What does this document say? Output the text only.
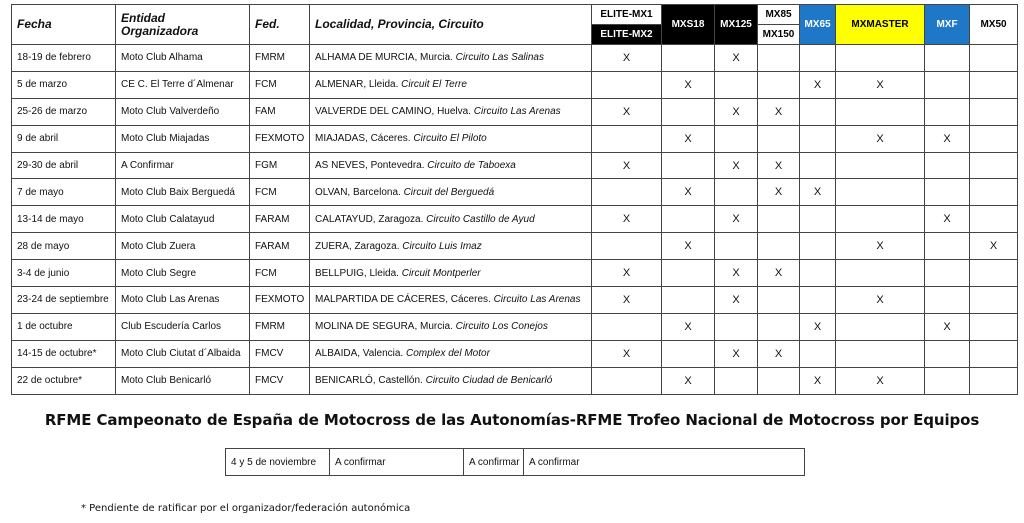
Fecha	Entidad Organizadora	Fed.	Localidad, Provincia, Circuito	ELITE-MX1
ELITE-MX2	MXS18	MX125	MX85
MX150	MX65	MXMASTER	MXF	MX50
18-19 de febrero	Moto Club Alhama	FMRM	ALHAMA DE MURCIA, Murcia. Circuito Las Salinas	X		X					
5 de marzo	CE C. El Terre d´Almenar	FCM	ALMENAR, Lleida. Circuit El Terre		X			X	X		
25-26 de marzo	Moto Club Valverdeño	FAM	VALVERDE DEL CAMINO, Huelva. Circuito Las Arenas	X		X	X				
9 de abril	Moto Club Miajadas	FEXMOTO	MIAJADAS, Cáceres. Circuito El Piloto		X				X	X	
29-30 de abril	A Confirmar	FGM	AS NEVES, Pontevedra. Circuito de Taboexa	X		X	X				
7 de mayo	Moto Club Baix Berguedá	FCM	OLVAN, Barcelona. Circuit del Berguedá		X		X	X			
13-14 de mayo	Moto Club Calatayud	FARAM	CALATAYUD, Zaragoza. Circuito Castillo de Ayud	X		X				X	
28 de mayo	Moto Club Zuera	FARAM	ZUERA, Zaragoza. Circuito Luis Imaz		X				X		X
3-4 de junio	Moto Club Segre	FCM	BELLPUIG, Lleida. Circuit Montperler	X		X	X				
23-24 de septiembre	Moto Club Las Arenas	FEXMOTO	MALPARTIDA DE CÁCERES, Cáceres. Circuito Las Arenas	X		X			X		
1 de octubre	Club Escudería Carlos	FMRM	MOLINA DE SEGURA, Murcia. Circuito Los Conejos		X			X		X	
14-15 de octubre*	Moto Club Ciutat d´Albaida	FMCV	ALBAIDA, Valencia. Complex del Motor	X		X	X				
22 de octubre*	Moto Club Benicarló	FMCV	BENICARLÓ, Castellón. Circuito Ciudad de Benicarló		X			X	X		
RFME Campeonato de España de Motocross de las Autonomías-RFME Trofeo Nacional de Motocross por Equipos
4 y 5 de noviembre	A confirmar	A confirmar	A confirmar
* Pendiente de ratificar por el organizador/federación autonómica
